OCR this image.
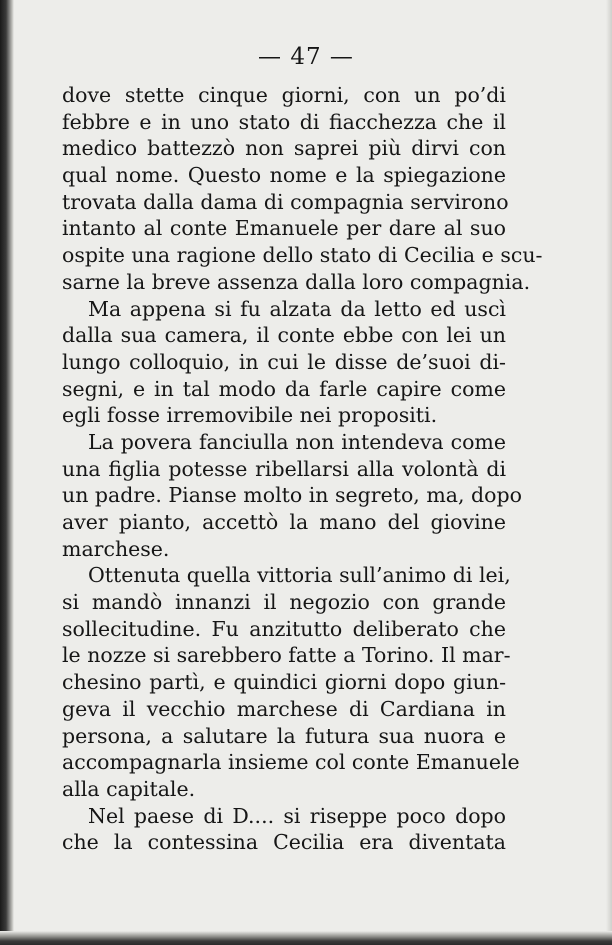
— 47 —
dove stette cinque giorni, con un po’di
febbre e in uno stato di fiacchezza che il
medico battezzò non saprei più dirvi con
qual nome. Questo nome e la spiegazione
trovata dalla dama di compagnia servirono
intanto al conte Emanuele per dare al suo
ospite una ragione dello stato di Cecilia e scu-
sarne la breve assenza dalla loro compagnia.
Ma appena si fu alzata da letto ed uscì
dalla sua camera, il conte ebbe con lei un
lungo colloquio, in cui le disse de’suoi di-
segni, e in tal modo da farle capire come
egli fosse irremovibile nei propositi.
La povera fanciulla non intendeva come
una figlia potesse ribellarsi alla volontà di
un padre. Pianse molto in segreto, ma, dopo
aver pianto, accettò la mano del giovine
marchese.
Ottenuta quella vittoria sull’animo di lei,
si mandò innanzi il negozio con grande
sollecitudine. Fu anzitutto deliberato che
le nozze si sarebbero fatte a Torino. Il mar-
chesino partì, e quindici giorni dopo giun-
geva il vecchio marchese di Cardiana in
persona, a salutare la futura sua nuora e
accompagnarla insieme col conte Emanuele
alla capitale.
Nel paese di D.... si riseppe poco dopo
che la contessina Cecilia era diventata
